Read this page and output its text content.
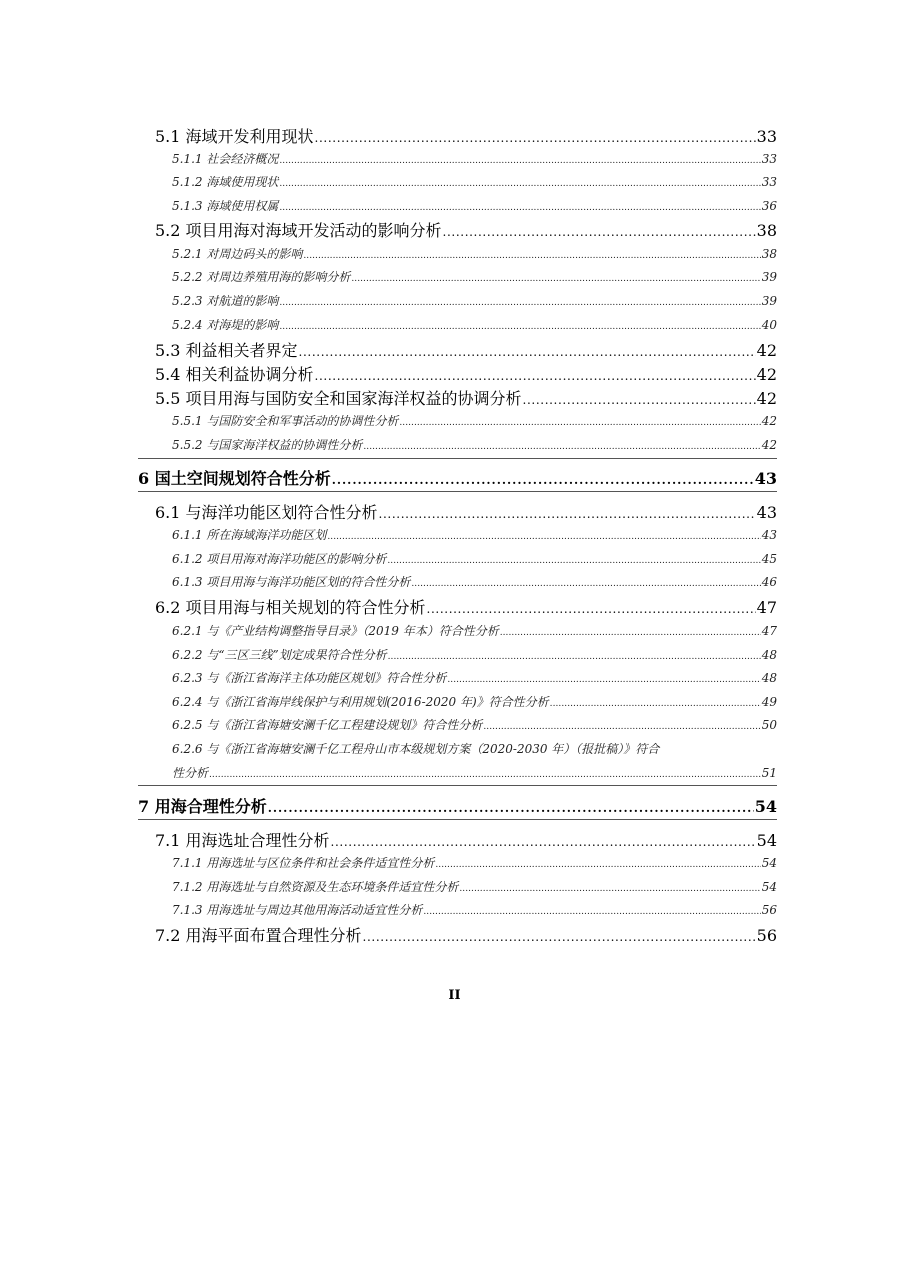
5.1 海域开发利用现状 . . .	33
5.1.1 社会经济概况 . . .	33
5.1.2 海域使用现状 . . .	33
5.1.3 海域使用权属 . . .	36
5.2 项目用海对海域开发活动的影响分析 . . .	38
5.2.1 对周边码头的影响 . . .	38
5.2.2 对周边养殖用海的影响分析 . . .	39
5.2.3 对航道的影响 . . .	39
5.2.4 对海堤的影响 . . .	40
5.3 利益相关者界定 . . .	42
5.4 相关利益协调分析 . . .	42
5.5 项目用海与国防安全和国家海洋权益的协调分析 . . .	42
5.5.1 与国防安全和军事活动的协调性分析 . . .	42
5.5.2 与国家海洋权益的协调性分析 . . .	42
6 国土空间规划符合性分析 . . .	43
6.1 与海洋功能区划符合性分析 . . .	43
6.1.1 所在海域海洋功能区划 . . .	43
6.1.2 项目用海对海洋功能区的影响分析 . . .	45
6.1.3 项目用海与海洋功能区划的符合性分析 . . .	46
6.2 项目用海与相关规划的符合性分析 . . .	47
6.2.1 与《产业结构调整指导目录》（2019 年本）符合性分析 . . .	47
6.2.2 与“三区三线”划定成果符合性分析 . . .	48
6.2.3 与《浙江省海洋主体功能区规划》符合性分析 . . .	48
6.2.4 与《浙江省海岸线保护与利用规划(2016-2020 年)》符合性分析 . . .	49
6.2.5 与《浙江省海塘安澜千亿工程建设规划》符合性分析 . . .	50
6.2.6 与《浙江省海塘安澜千亿工程舟山市本级规划方案（2020-2030 年）（报批稿）》符合
性分析 . . .	51
7 用海合理性分析 . . .	54
7.1 用海选址合理性分析 . . .	54
7.1.1 用海选址与区位条件和社会条件适宜性分析 . . .	54
7.1.2 用海选址与自然资源及生态环境条件适宜性分析 . . .	54
7.1.3 用海选址与周边其他用海活动适宜性分析 . . .	56
7.2 用海平面布置合理性分析 . . .	56
II
